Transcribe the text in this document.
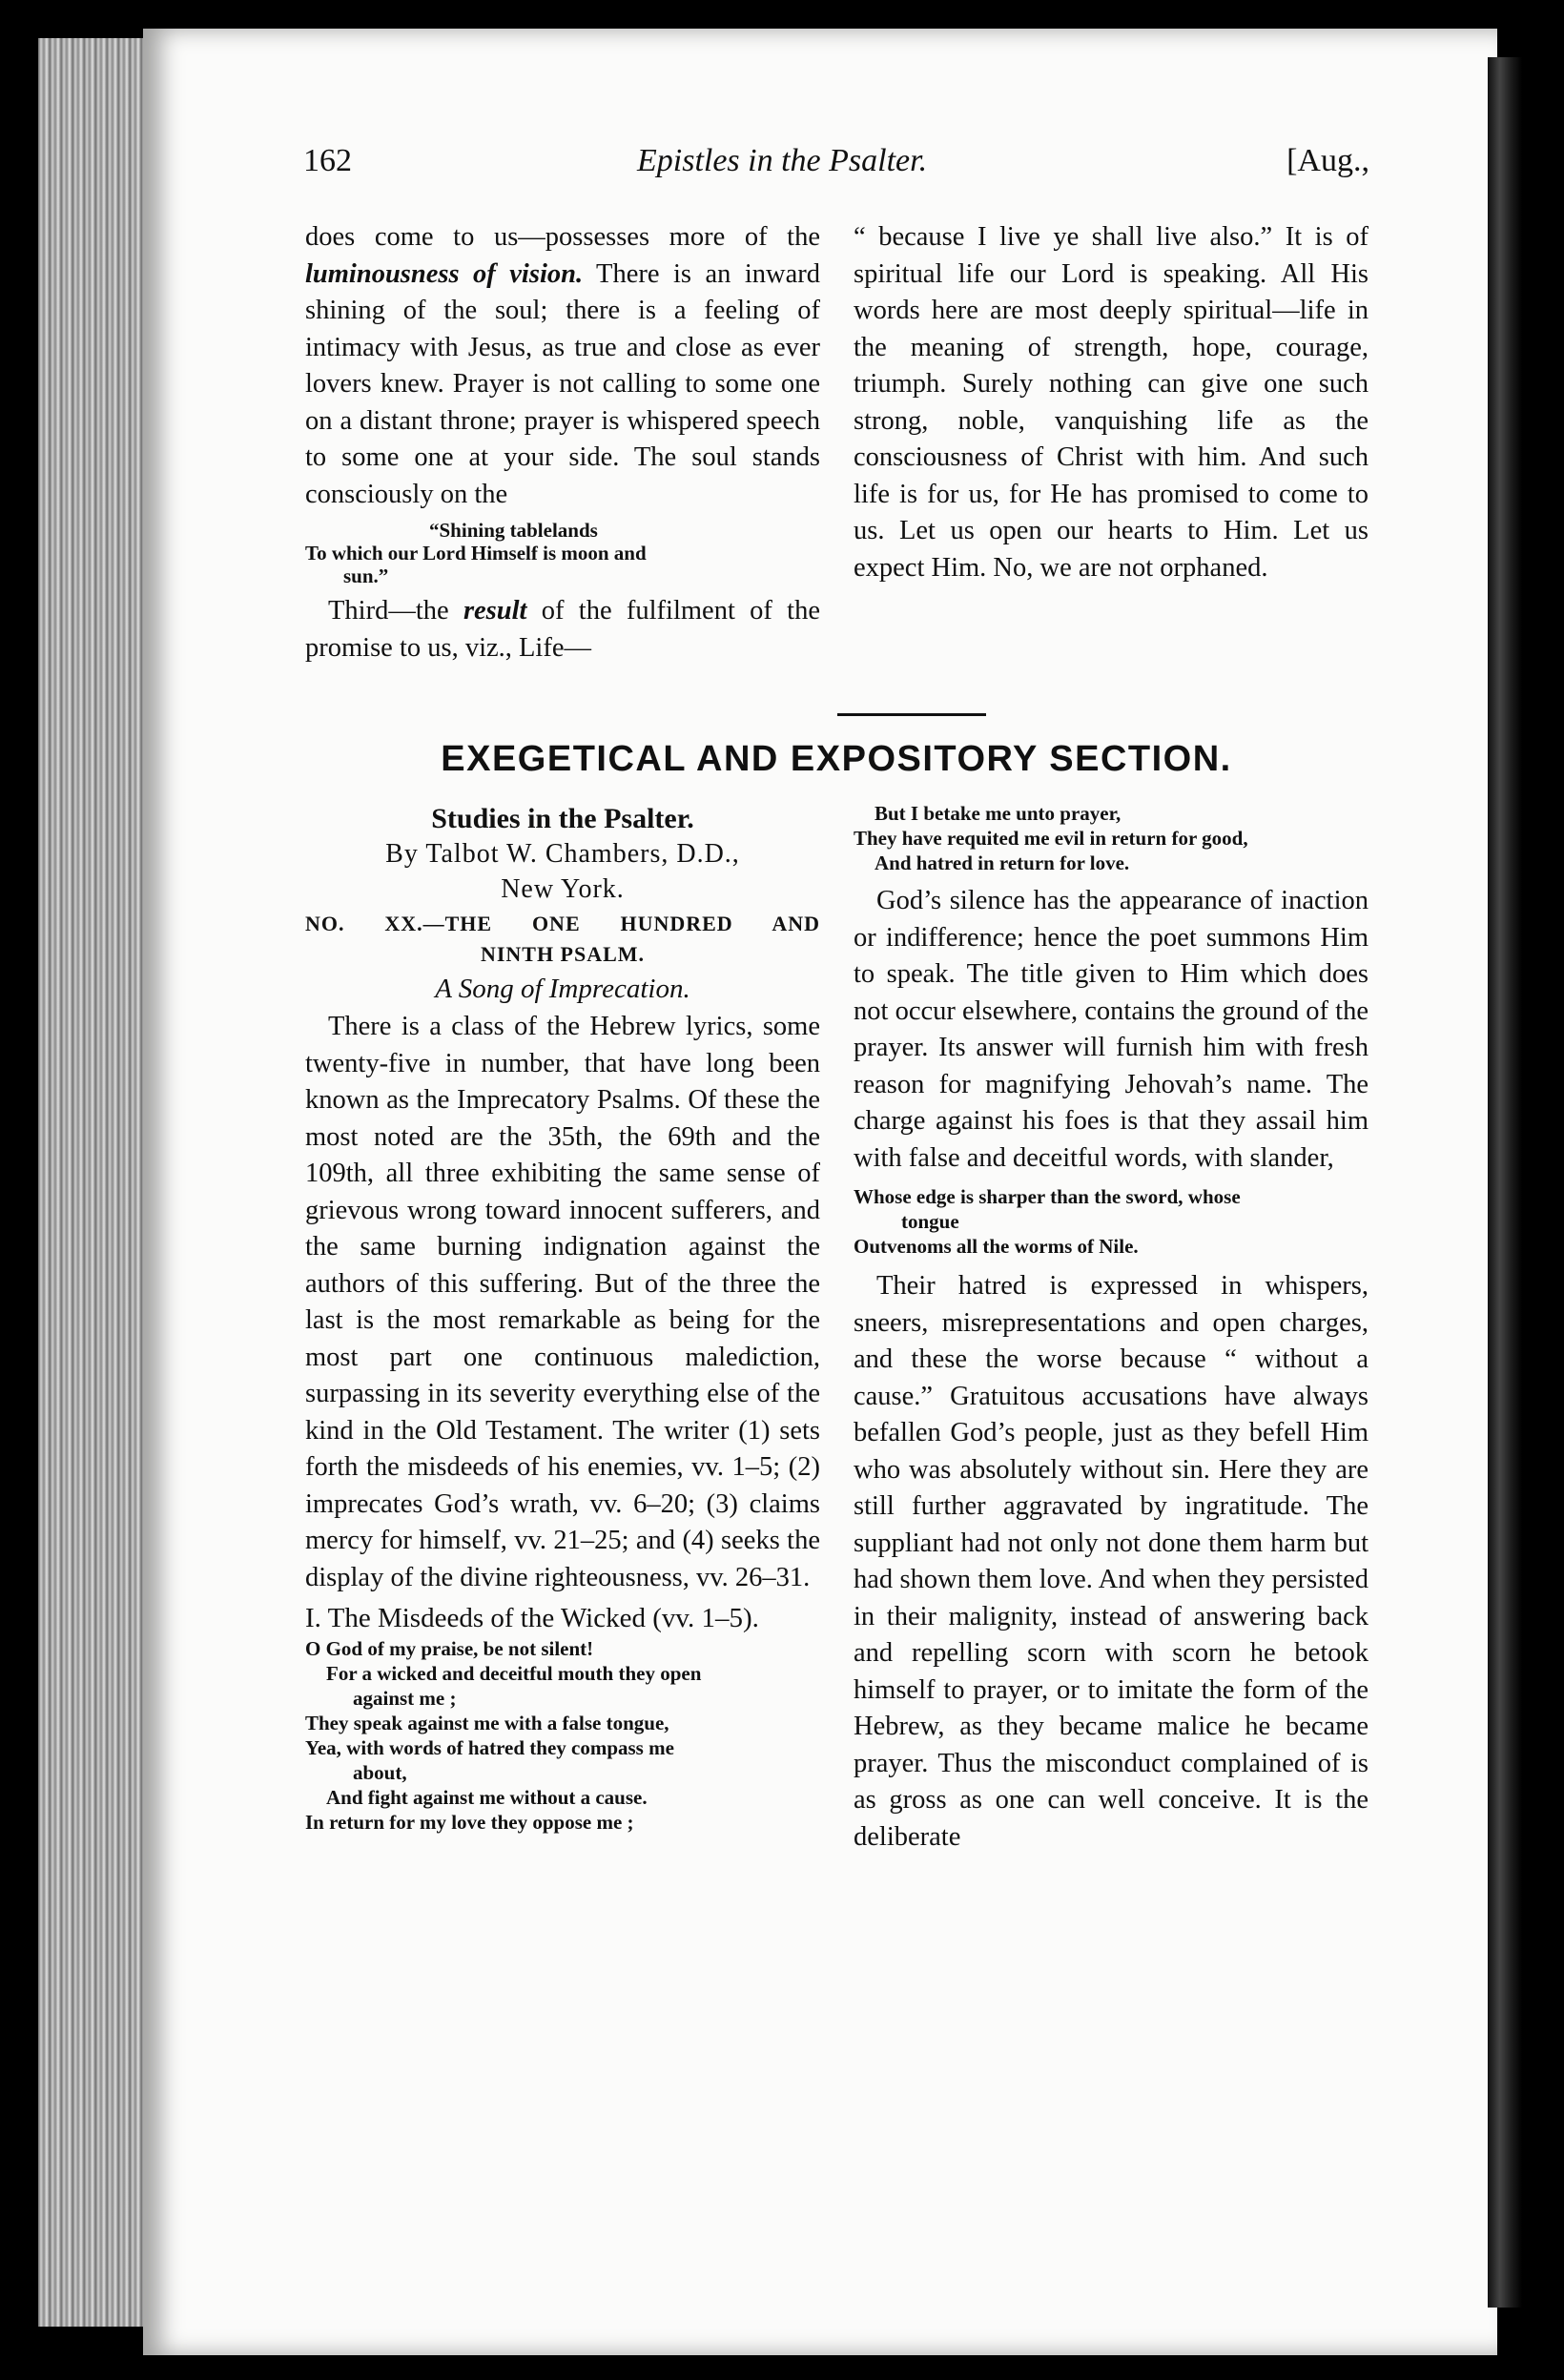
162	Epistles in the Psalter.	[Aug.,

does come to us—possesses more of the luminousness of vision. There is an inward shining of the soul; there is a feeling of intimacy with Jesus, as true and close as ever lovers knew. Prayer is not calling to some one on a distant throne; prayer is whispered speech to some one at your side. The soul stands consciously on the

“Shining tablelands
To which our Lord Himself is moon and
sun.”

Third—the result of the fulfilment of the promise to us, viz., Life—

“ because I live ye shall live also.” It is of spiritual life our Lord is speaking. All His words here are most deeply spiritual—life in the meaning of strength, hope, courage, triumph. Surely nothing can give one such strong, noble, vanquishing life as the consciousness of Christ with him. And such life is for us, for He has promised to come to us. Let us open our hearts to Him. Let us expect Him. No, we are not orphaned.

EXEGETICAL AND EXPOSITORY SECTION.
Studies in the Psalter.
By Talbot W. Chambers, D.D.,
New York.
NO. XX.—THE ONE HUNDRED AND
NINTH PSALM.
A Song of Imprecation.

There is a class of the Hebrew lyrics, some twenty-five in number, that have long been known as the Imprecatory Psalms. Of these the most noted are the 35th, the 69th and the 109th, all three exhibiting the same sense of grievous wrong toward innocent sufferers, and the same burning indignation against the authors of this suffering. But of the three the last is the most remarkable as being for the most part one continuous malediction, surpassing in its severity everything else of the kind in the Old Testament. The writer (1) sets forth the misdeeds of his enemies, vv. 1–5; (2) imprecates God’s wrath, vv. 6–20; (3) claims mercy for himself, vv. 21–25; and (4) seeks the display of the divine righteousness, vv. 26–31.

I. The Misdeeds of the Wicked (vv. 1–5).
O God of my praise, be not silent!
For a wicked and deceitful mouth they open
against me ;
They speak against me with a false tongue,
Yea, with words of hatred they compass me
about,
And fight against me without a cause.
In return for my love they oppose me ;
But I betake me unto prayer,
They have requited me evil in return for good,
And hatred in return for love.

God’s silence has the appearance of inaction or indifference; hence the poet summons Him to speak. The title given to Him which does not occur elsewhere, contains the ground of the prayer. Its answer will furnish him with fresh reason for magnifying Jehovah’s name. The charge against his foes is that they assail him with false and deceitful words, with slander,

Whose edge is sharper than the sword, whose
tongue
Outvenoms all the worms of Nile.

Their hatred is expressed in whispers, sneers, misrepresentations and open charges, and these the worse because “ without a cause.” Gratuitous accusations have always befallen God’s people, just as they befell Him who was absolutely without sin. Here they are still further aggravated by ingratitude. The suppliant had not only not done them harm but had shown them love. And when they persisted in their malignity, instead of answering back and repelling scorn with scorn he betook himself to prayer, or to imitate the form of the Hebrew, as they became malice he became prayer. Thus the misconduct complained of is as gross as one can well conceive. It is the deliberate
